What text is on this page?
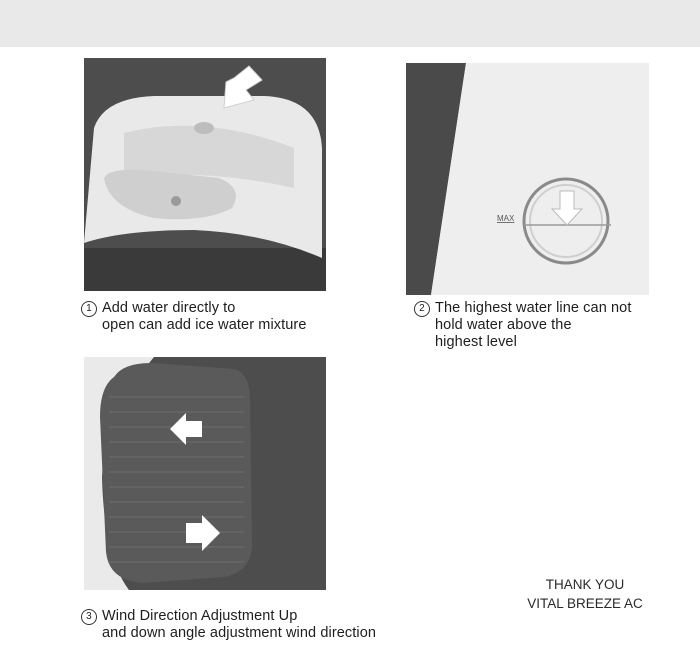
MAX
1 Add water directly to
open can add ice water mixture
2 The highest water line can not
hold water above the
highest level
3 Wind Direction Adjustment Up
and down angle adjustment wind direction
THANK YOU
VITAL BREEZE AC
